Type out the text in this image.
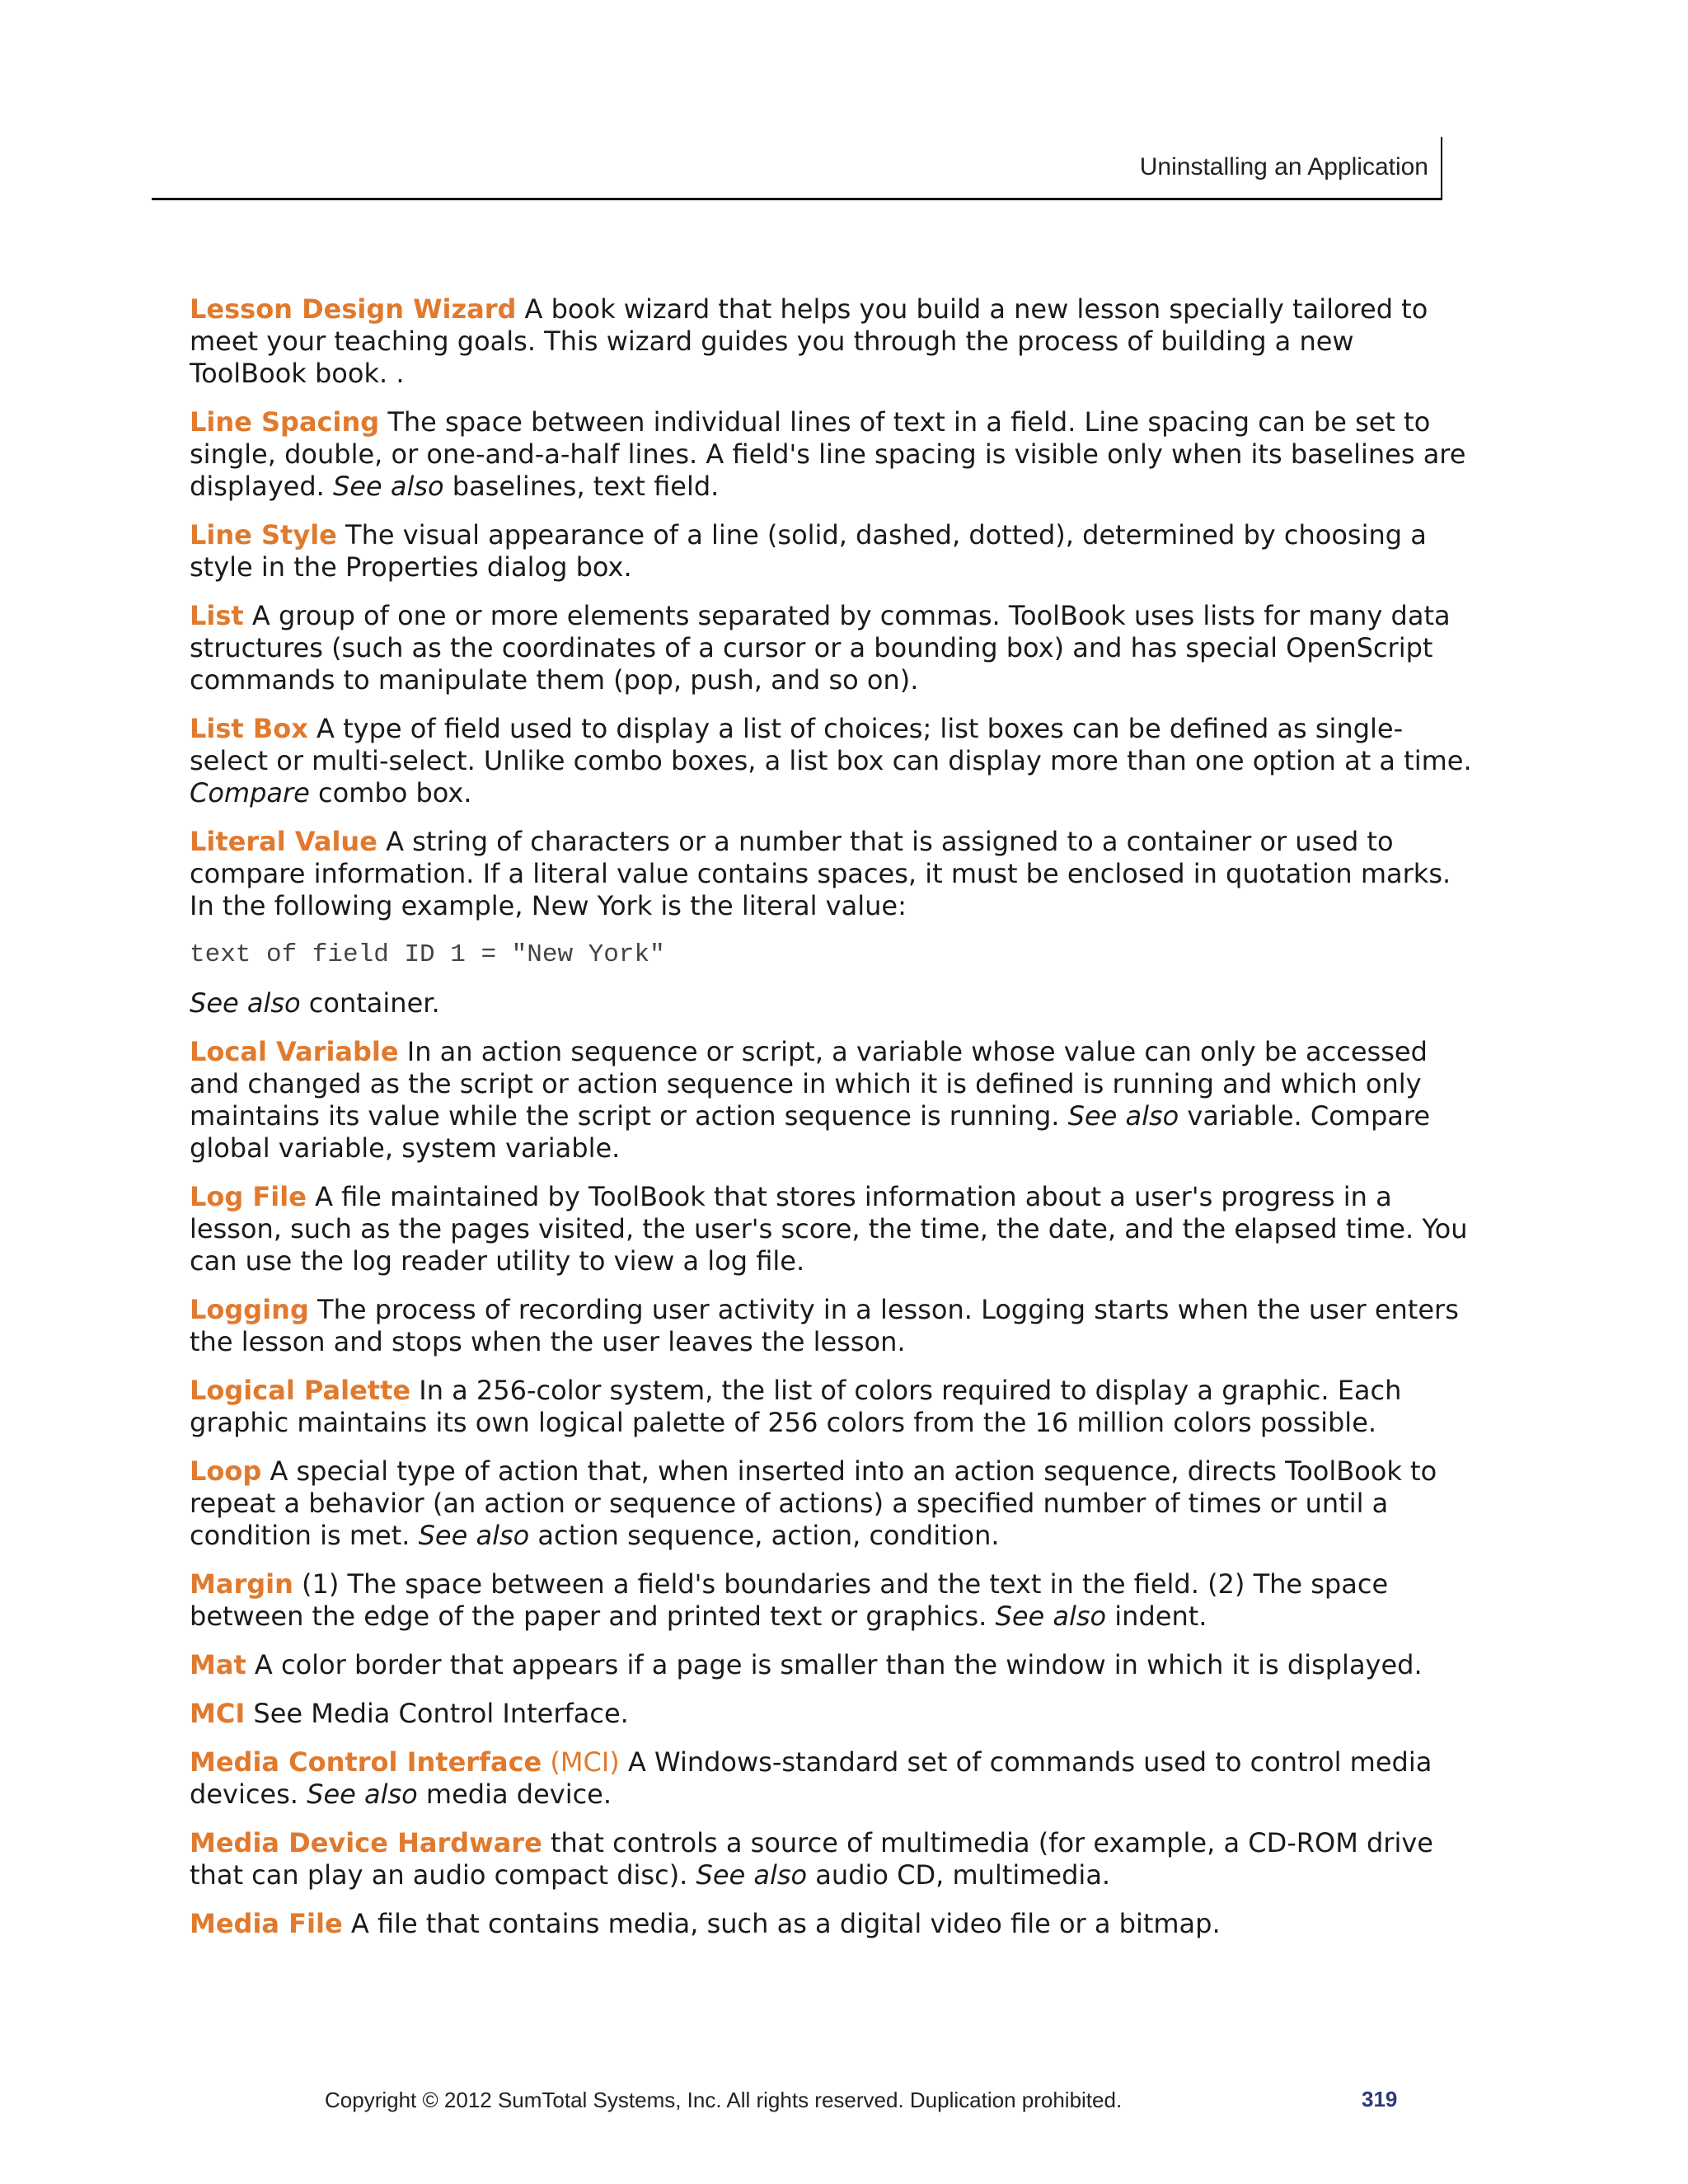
Uninstalling an Application

Lesson Design Wizard A book wizard that helps you build a new lesson specially tailored to meet your teaching goals. This wizard guides you through the process of building a new ToolBook book. .

Line Spacing The space between individual lines of text in a field. Line spacing can be set to single, double, or one-and-a-half lines. A field's line spacing is visible only when its baselines are displayed. See also baselines, text field.

Line Style The visual appearance of a line (solid, dashed, dotted), determined by choosing a style in the Properties dialog box.

List A group of one or more elements separated by commas. ToolBook uses lists for many data structures (such as the coordinates of a cursor or a bounding box) and has special OpenScript commands to manipulate them (pop, push, and so on).

List Box A type of field used to display a list of choices; list boxes can be defined as single-select or multi-select. Unlike combo boxes, a list box can display more than one option at a time. Compare combo box.

Literal Value A string of characters or a number that is assigned to a container or used to compare information. If a literal value contains spaces, it must be enclosed in quotation marks. In the following example, New York is the literal value:

text of field ID 1 = "New York"

See also container.

Local Variable In an action sequence or script, a variable whose value can only be accessed and changed as the script or action sequence in which it is defined is running and which only maintains its value while the script or action sequence is running. See also variable. Compare global variable, system variable.

Log File A file maintained by ToolBook that stores information about a user's progress in a lesson, such as the pages visited, the user's score, the time, the date, and the elapsed time. You can use the log reader utility to view a log file.

Logging The process of recording user activity in a lesson. Logging starts when the user enters the lesson and stops when the user leaves the lesson.

Logical Palette In a 256-color system, the list of colors required to display a graphic. Each graphic maintains its own logical palette of 256 colors from the 16 million colors possible.

Loop A special type of action that, when inserted into an action sequence, directs ToolBook to repeat a behavior (an action or sequence of actions) a specified number of times or until a condition is met. See also action sequence, action, condition.

Margin (1) The space between a field's boundaries and the text in the field. (2) The space between the edge of the paper and printed text or graphics. See also indent.

Mat A color border that appears if a page is smaller than the window in which it is displayed.

MCI See Media Control Interface.

Media Control Interface (MCI) A Windows-standard set of commands used to control media devices. See also media device.

Media Device Hardware that controls a source of multimedia (for example, a CD-ROM drive that can play an audio compact disc). See also audio CD, multimedia.

Media File A file that contains media, such as a digital video file or a bitmap.

Copyright © 2012 SumTotal Systems, Inc. All rights reserved. Duplication prohibited.	319
